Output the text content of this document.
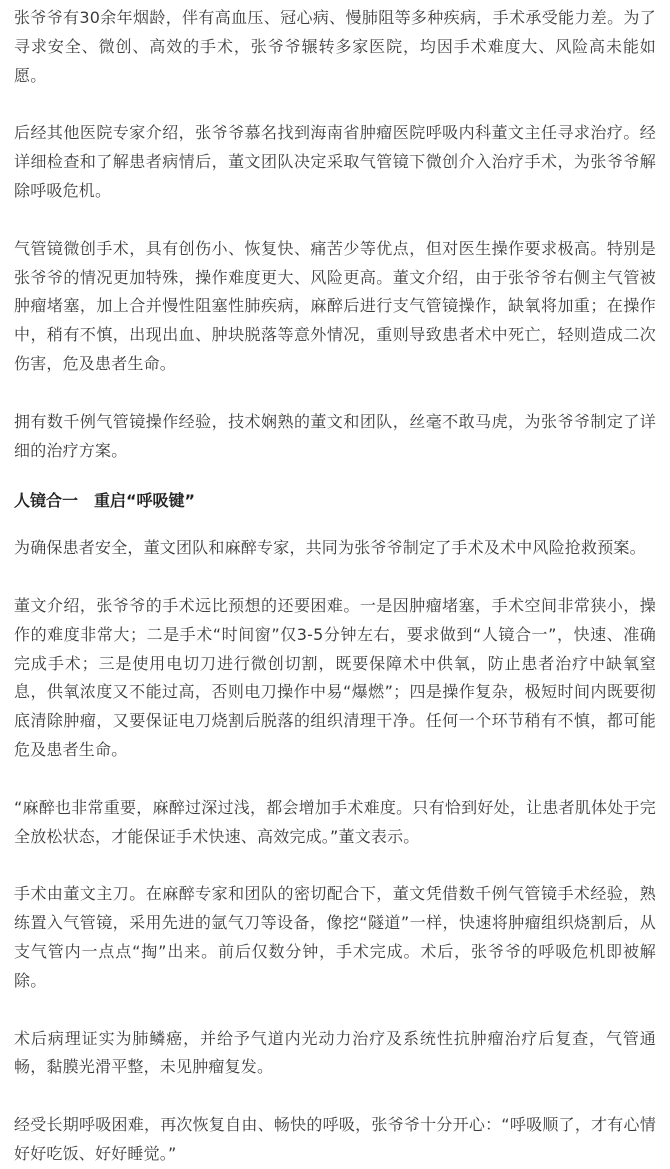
张爷爷有30余年烟龄，伴有高血压、冠心病、慢肺阻等多种疾病，手术承受能力差。为了寻求安全、微创、高效的手术，张爷爷辗转多家医院，均因手术难度大、风险高未能如愿。

后经其他医院专家介绍，张爷爷慕名找到海南省肿瘤医院呼吸内科董文主任寻求治疗。经详细检查和了解患者病情后，董文团队决定采取气管镜下微创介入治疗手术，为张爷爷解除呼吸危机。

气管镜微创手术，具有创伤小、恢复快、痛苦少等优点，但对医生操作要求极高。特别是张爷爷的情况更加特殊，操作难度更大、风险更高。董文介绍，由于张爷爷右侧主气管被肿瘤堵塞，加上合并慢性阻塞性肺疾病，麻醉后进行支气管镜操作，缺氧将加重；在操作中，稍有不慎，出现出血、肿块脱落等意外情况，重则导致患者术中死亡，轻则造成二次伤害，危及患者生命。

拥有数千例气管镜操作经验，技术娴熟的董文和团队，丝毫不敢马虎，为张爷爷制定了详细的治疗方案。

人镜合一　重启“呼吸键”

为确保患者安全，董文团队和麻醉专家，共同为张爷爷制定了手术及术中风险抢救预案。

董文介绍，张爷爷的手术远比预想的还要困难。一是因肿瘤堵塞，手术空间非常狭小，操作的难度非常大；二是手术“时间窗”仅3-5分钟左右，要求做到“人镜合一”，快速、准确完成手术；三是使用电切刀进行微创切割，既要保障术中供氧，防止患者治疗中缺氧窒息，供氧浓度又不能过高，否则电刀操作中易“爆燃”；四是操作复杂，极短时间内既要彻底清除肿瘤，又要保证电刀烧割后脱落的组织清理干净。任何一个环节稍有不慎，都可能危及患者生命。

“麻醉也非常重要，麻醉过深过浅，都会增加手术难度。只有恰到好处，让患者肌体处于完全放松状态，才能保证手术快速、高效完成。”董文表示。

手术由董文主刀。在麻醉专家和团队的密切配合下，董文凭借数千例气管镜手术经验，熟练置入气管镜，采用先进的氩气刀等设备，像挖“隧道”一样，快速将肿瘤组织烧割后，从支气管内一点点“掏”出来。前后仅数分钟，手术完成。术后，张爷爷的呼吸危机即被解除。

术后病理证实为肺鳞癌，并给予气道内光动力治疗及系统性抗肿瘤治疗后复查，气管通畅，黏膜光滑平整，未见肿瘤复发。

经受长期呼吸困难，再次恢复自由、畅快的呼吸，张爷爷十分开心：“呼吸顺了，才有心情好好吃饭、好好睡觉。”
